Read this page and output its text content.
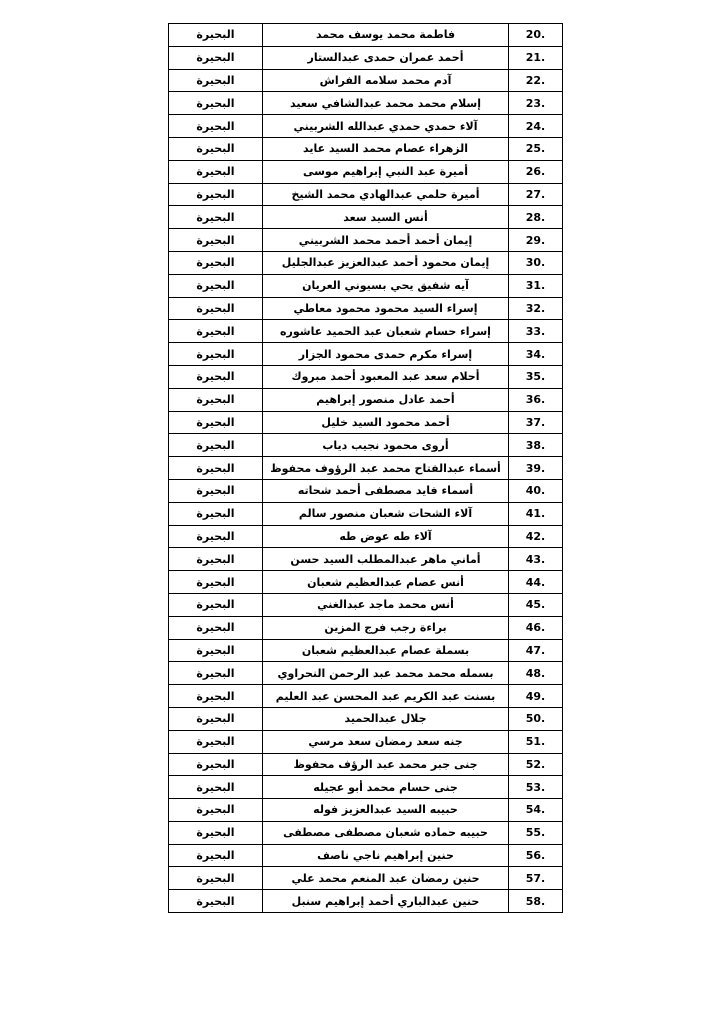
البحيرة	فاطمة محمد يوسف محمد	20.
البحيرة	أحمد عمران حمدى عبدالستار	21.
البحيرة	آدم محمد سلامه الفراش	22.
البحيرة	إسلام محمد محمد عبدالشافي سعيد	23.
البحيرة	آلاء حمدي حمدي عبدالله الشربيني	24.
البحيرة	الزهراء عصام محمد السيد عايد	25.
البحيرة	أميرة عبد النبي إبراهيم موسى	26.
البحيرة	أميرة حلمي عبدالهادي محمد الشيخ	27.
البحيرة	أنس السيد سعد	28.
البحيرة	إيمان أحمد أحمد محمد الشربيني	29.
البحيرة	إيمان محمود أحمد عبدالعزيز عبدالجليل	30.
البحيرة	آيه شفيق يحي بسيوني العريان	31.
البحيرة	إسراء السيد محمود محمود معاطي	32.
البحيرة	إسراء حسام شعبان عبد الحميد عاشوره	33.
البحيرة	إسراء مكرم حمدى محمود الجزار	34.
البحيرة	أحلام سعد عبد المعبود أحمد مبروك	35.
البحيرة	أحمد عادل منصور إبراهيم	36.
البحيرة	أحمد محمود السيد خليل	37.
البحيرة	أروى محمود نجيب دياب	38.
البحيرة	أسماء عبدالفتاح محمد عبد الرؤوف محفوظ	39.
البحيرة	أسماء فايد مصطفى أحمد شحاته	40.
البحيرة	آلاء الشحات شعبان منصور سالم	41.
البحيرة	آلاء طه عوض طه	42.
البحيرة	أماني ماهر عبدالمطلب السيد حسن	43.
البحيرة	أنس عصام عبدالعظيم شعبان	44.
البحيرة	أنس محمد ماجد عبدالغني	45.
البحيرة	براءة رجب فرج المزين	46.
البحيرة	بسملة عصام عبدالعظيم شعبان	47.
البحيرة	بسمله محمد محمد عبد الرحمن النحراوي	48.
البحيرة	بسنت عبد الكريم عبد المحسن عبد العليم	49.
البحيرة	جلال عبدالحميد	50.
البحيرة	جنه سعد رمضان سعد مرسي	51.
البحيرة	جنى جبر محمد عبد الرؤف محفوظ	52.
البحيرة	جنى حسام محمد أبو عجيله	53.
البحيرة	حبيبه السيد عبدالعزيز فوله	54.
البحيرة	حبيبه حماده شعبان مصطفى مصطفى	55.
البحيرة	حنين إبراهيم ناجي ناصف	56.
البحيرة	حنين رمضان عبد المنعم محمد علي	57.
البحيرة	حنين عبدالباري أحمد إبراهيم سنبل	58.
